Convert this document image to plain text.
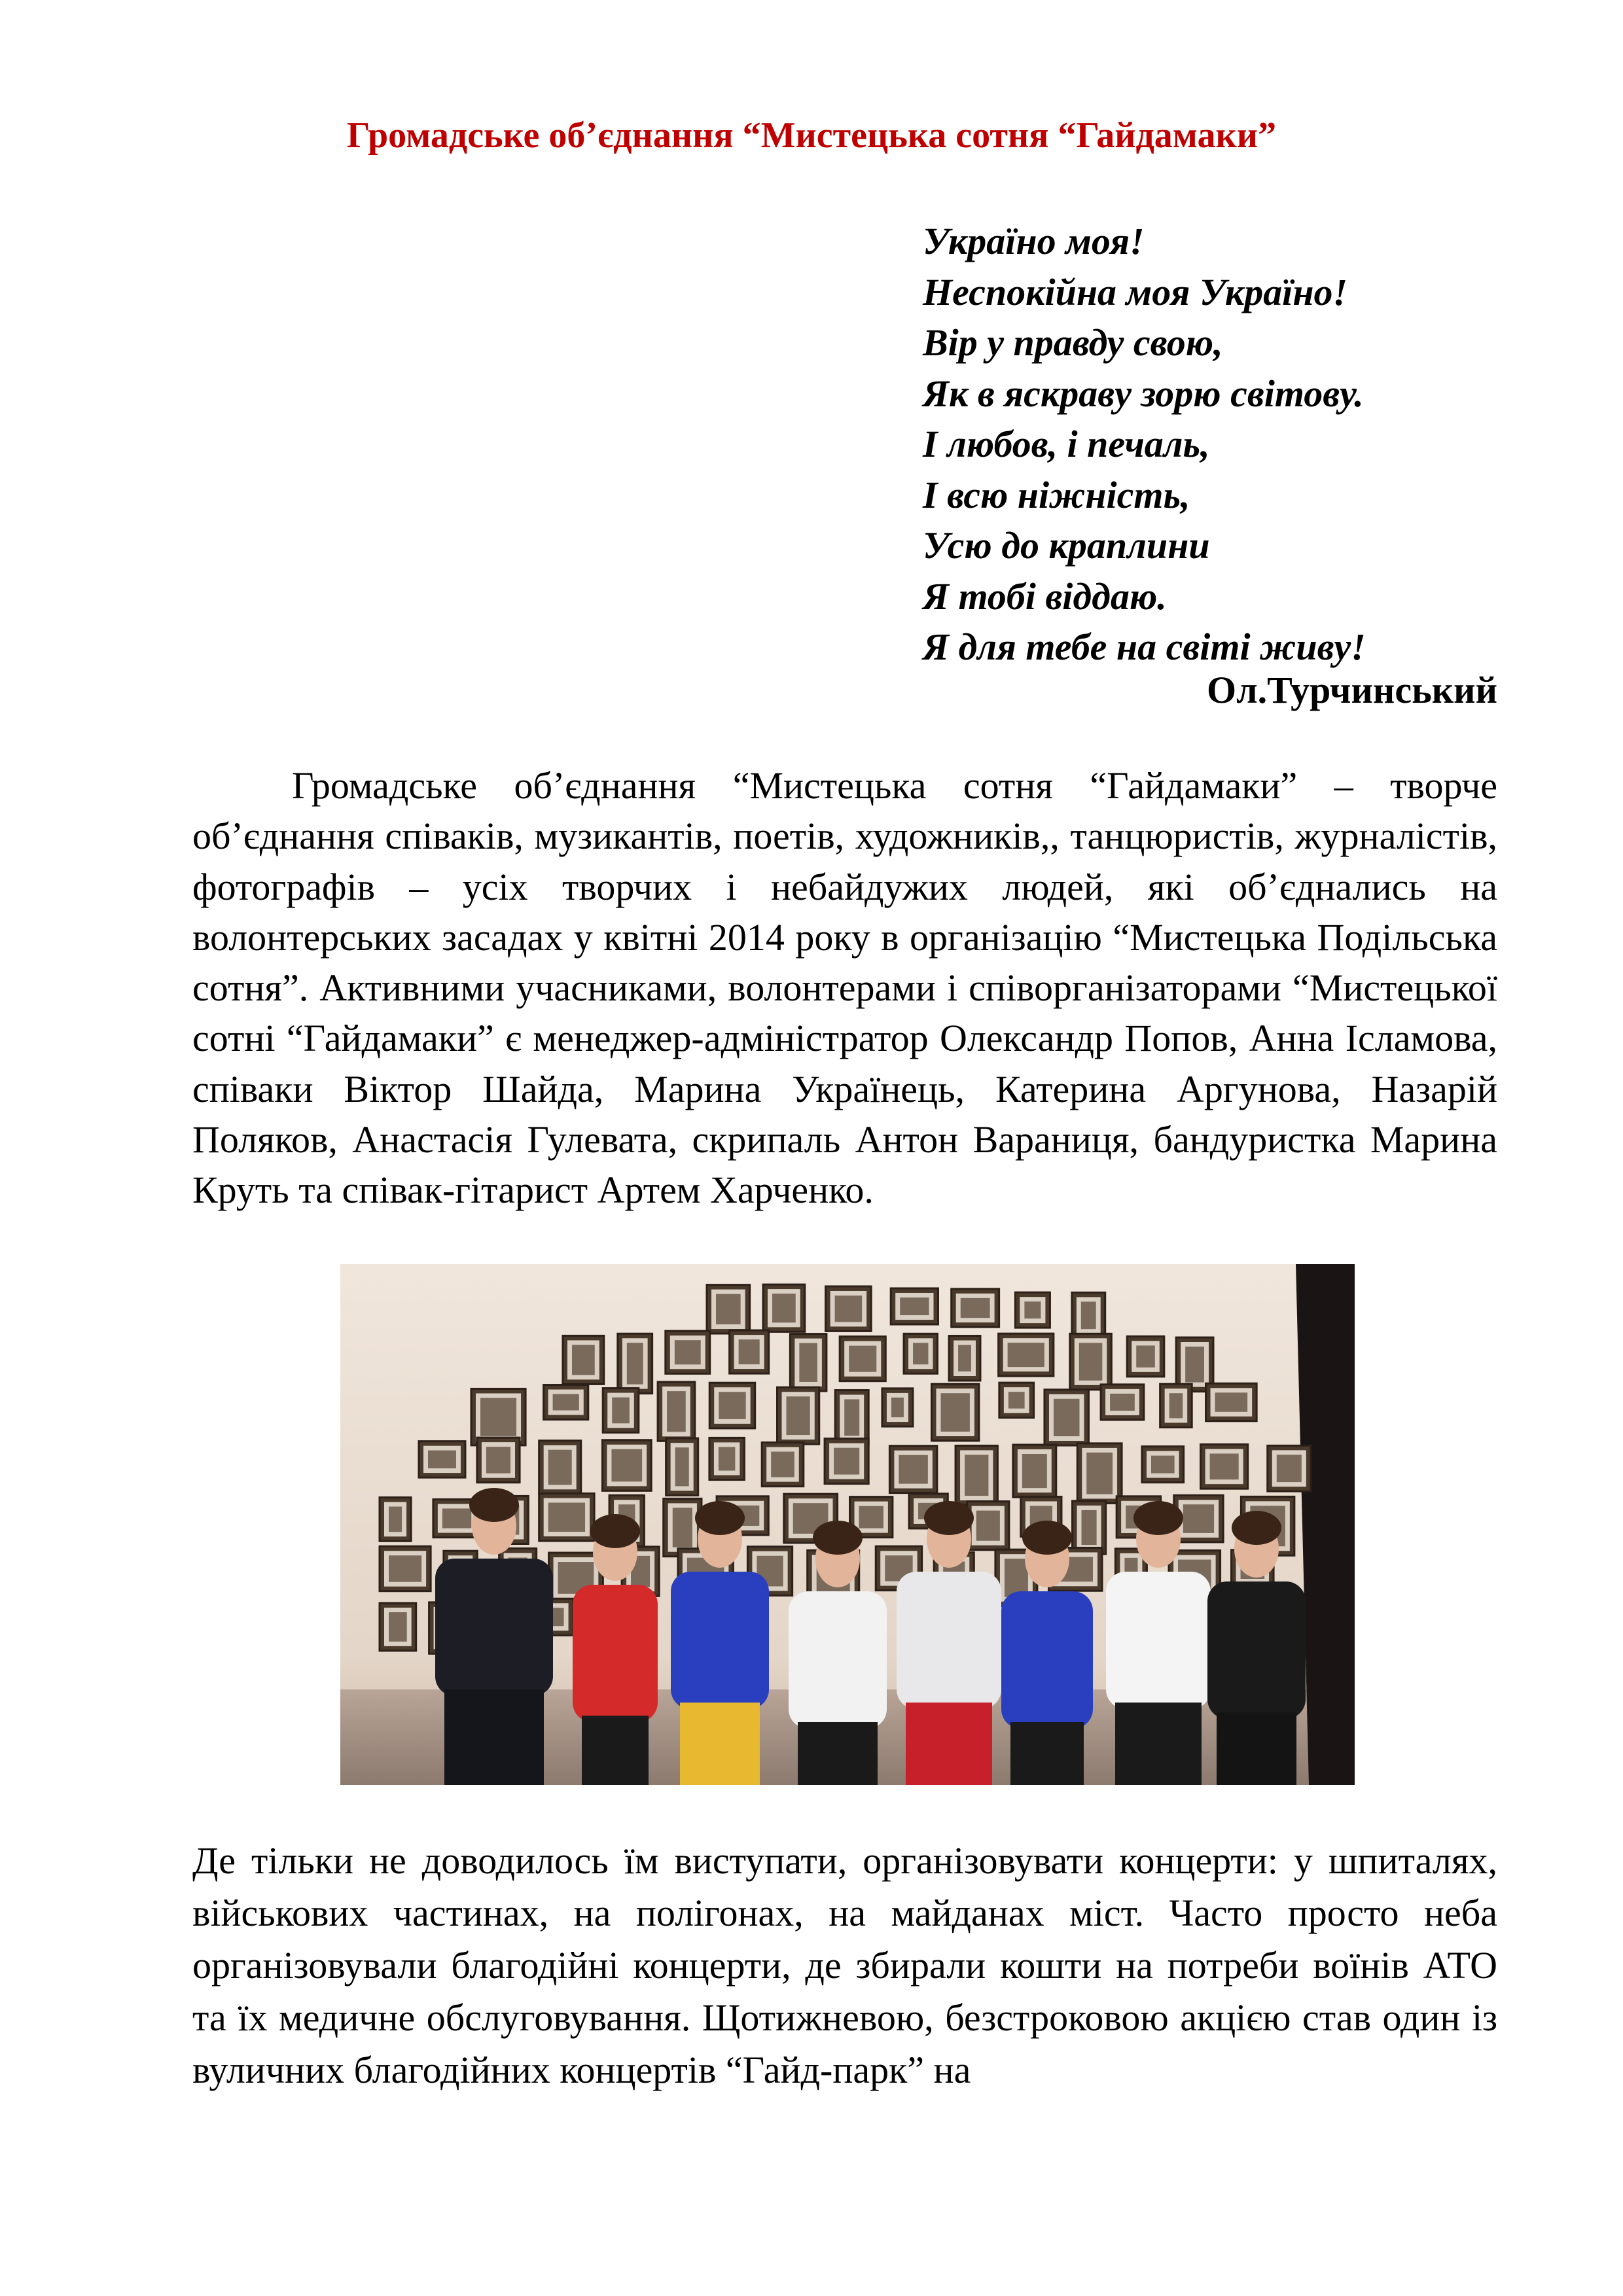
Громадське об’єднання “Мистецька сотня “Гайдамаки”
Україно моя!
Неспокійна моя Україно!
Вір у правду свою,
Як в яскраву зорю світову.
І любов, і печаль,
І всю ніжність,
Усю до краплини
Я тобі віддаю.
Я для тебе на світі живу!
Ол.Турчинський

Громадське об’єднання “Мистецька сотня “Гайдамаки” – творче об’єднання співаків, музикантів, поетів, художників,, танцюристів, журналістів, фотографів – усіх творчих і небайдужих людей, які об’єднались на волонтерських засадах у квітні 2014 року в організацію “Мистецька Подільська сотня”. Активними учасниками, волонтерами і співорганізаторами “Мистецької сотні “Гайдамаки” є менеджер-адміністратор Олександр Попов, Анна Ісламова, співаки Віктор Шайда, Марина Українець, Катерина Аргунова, Назарій Поляков, Анастасія Гулевата, скрипаль Антон Вараниця, бандуристка Марина Круть та співак-гітарист Артем Харченко.

Де тільки не доводилось їм виступати, організовувати концерти: у шпиталях, військових частинах, на полігонах, на майданах міст. Часто просто неба організовували благодійні концерти, де збирали кошти на потреби воїнів АТО та їх медичне обслуговування. Щотижневою, безстроковою акцією став один із вуличних благодійних концертів “Гайд-парк” на
